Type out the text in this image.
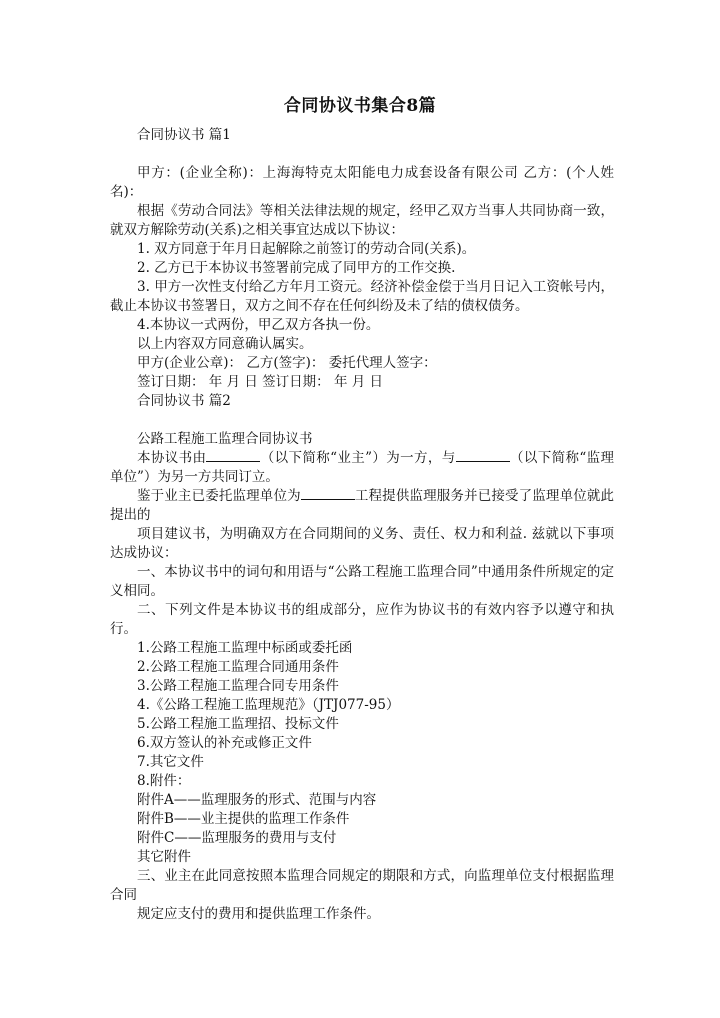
合同协议书集合8篇

合同协议书 篇1

甲方：(企业全称)：上海海特克太阳能电力成套设备有限公司 乙方：(个人姓名)：

根据《劳动合同法》等相关法律法规的规定，经甲乙双方当事人共同协商一致，就双方解除劳动(关系)之相关事宜达成以下协议：

1. 双方同意于年月日起解除之前签订的劳动合同(关系)。

2. 乙方已于本协议书签署前完成了同甲方的工作交换.

3. 甲方一次性支付给乙方年月工资元。经济补偿金偿于当月日记入工资帐号内，截止本协议书签署日，双方之间不存在任何纠纷及未了结的债权债务。

4.本协议一式两份，甲乙双方各执一份。

以上内容双方同意确认属实。

甲方(企业公章)： 乙方(签字)： 委托代理人签字：

签订日期： 年 月 日 签订日期： 年 月 日

合同协议书 篇2

公路工程施工监理合同协议书

本协议书由	（以下简称“业主”）为一方，与	（以下简称“监理单位”）为另一方共同订立。

鉴于业主已委托监理单位为	工程提供监理服务并已接受了监理单位就此提出的

项目建议书，为明确双方在合同期间的义务、责任、权力和利益. 兹就以下事项达成协议：

一、本协议书中的词句和用语与“公路工程施工监理合同”中通用条件所规定的定义相同。

二、下列文件是本协议书的组成部分，应作为协议书的有效内容予以遵守和执行。

1.公路工程施工监理中标函或委托函

2.公路工程施工监理合同通用条件

3.公路工程施工监理合同专用条件

4.《公路工程施工监理规范》（JTJ077-95）

5.公路工程施工监理招、投标文件

6.双方签认的补充或修正文件

7.其它文件

8.附件：

附件A——监理服务的形式、范围与内容

附件B——业主提供的监理工作条件

附件C——监理服务的费用与支付

其它附件

三、业主在此同意按照本监理合同规定的期限和方式，向监理单位支付根据监理合同

规定应支付的费用和提供监理工作条件。
